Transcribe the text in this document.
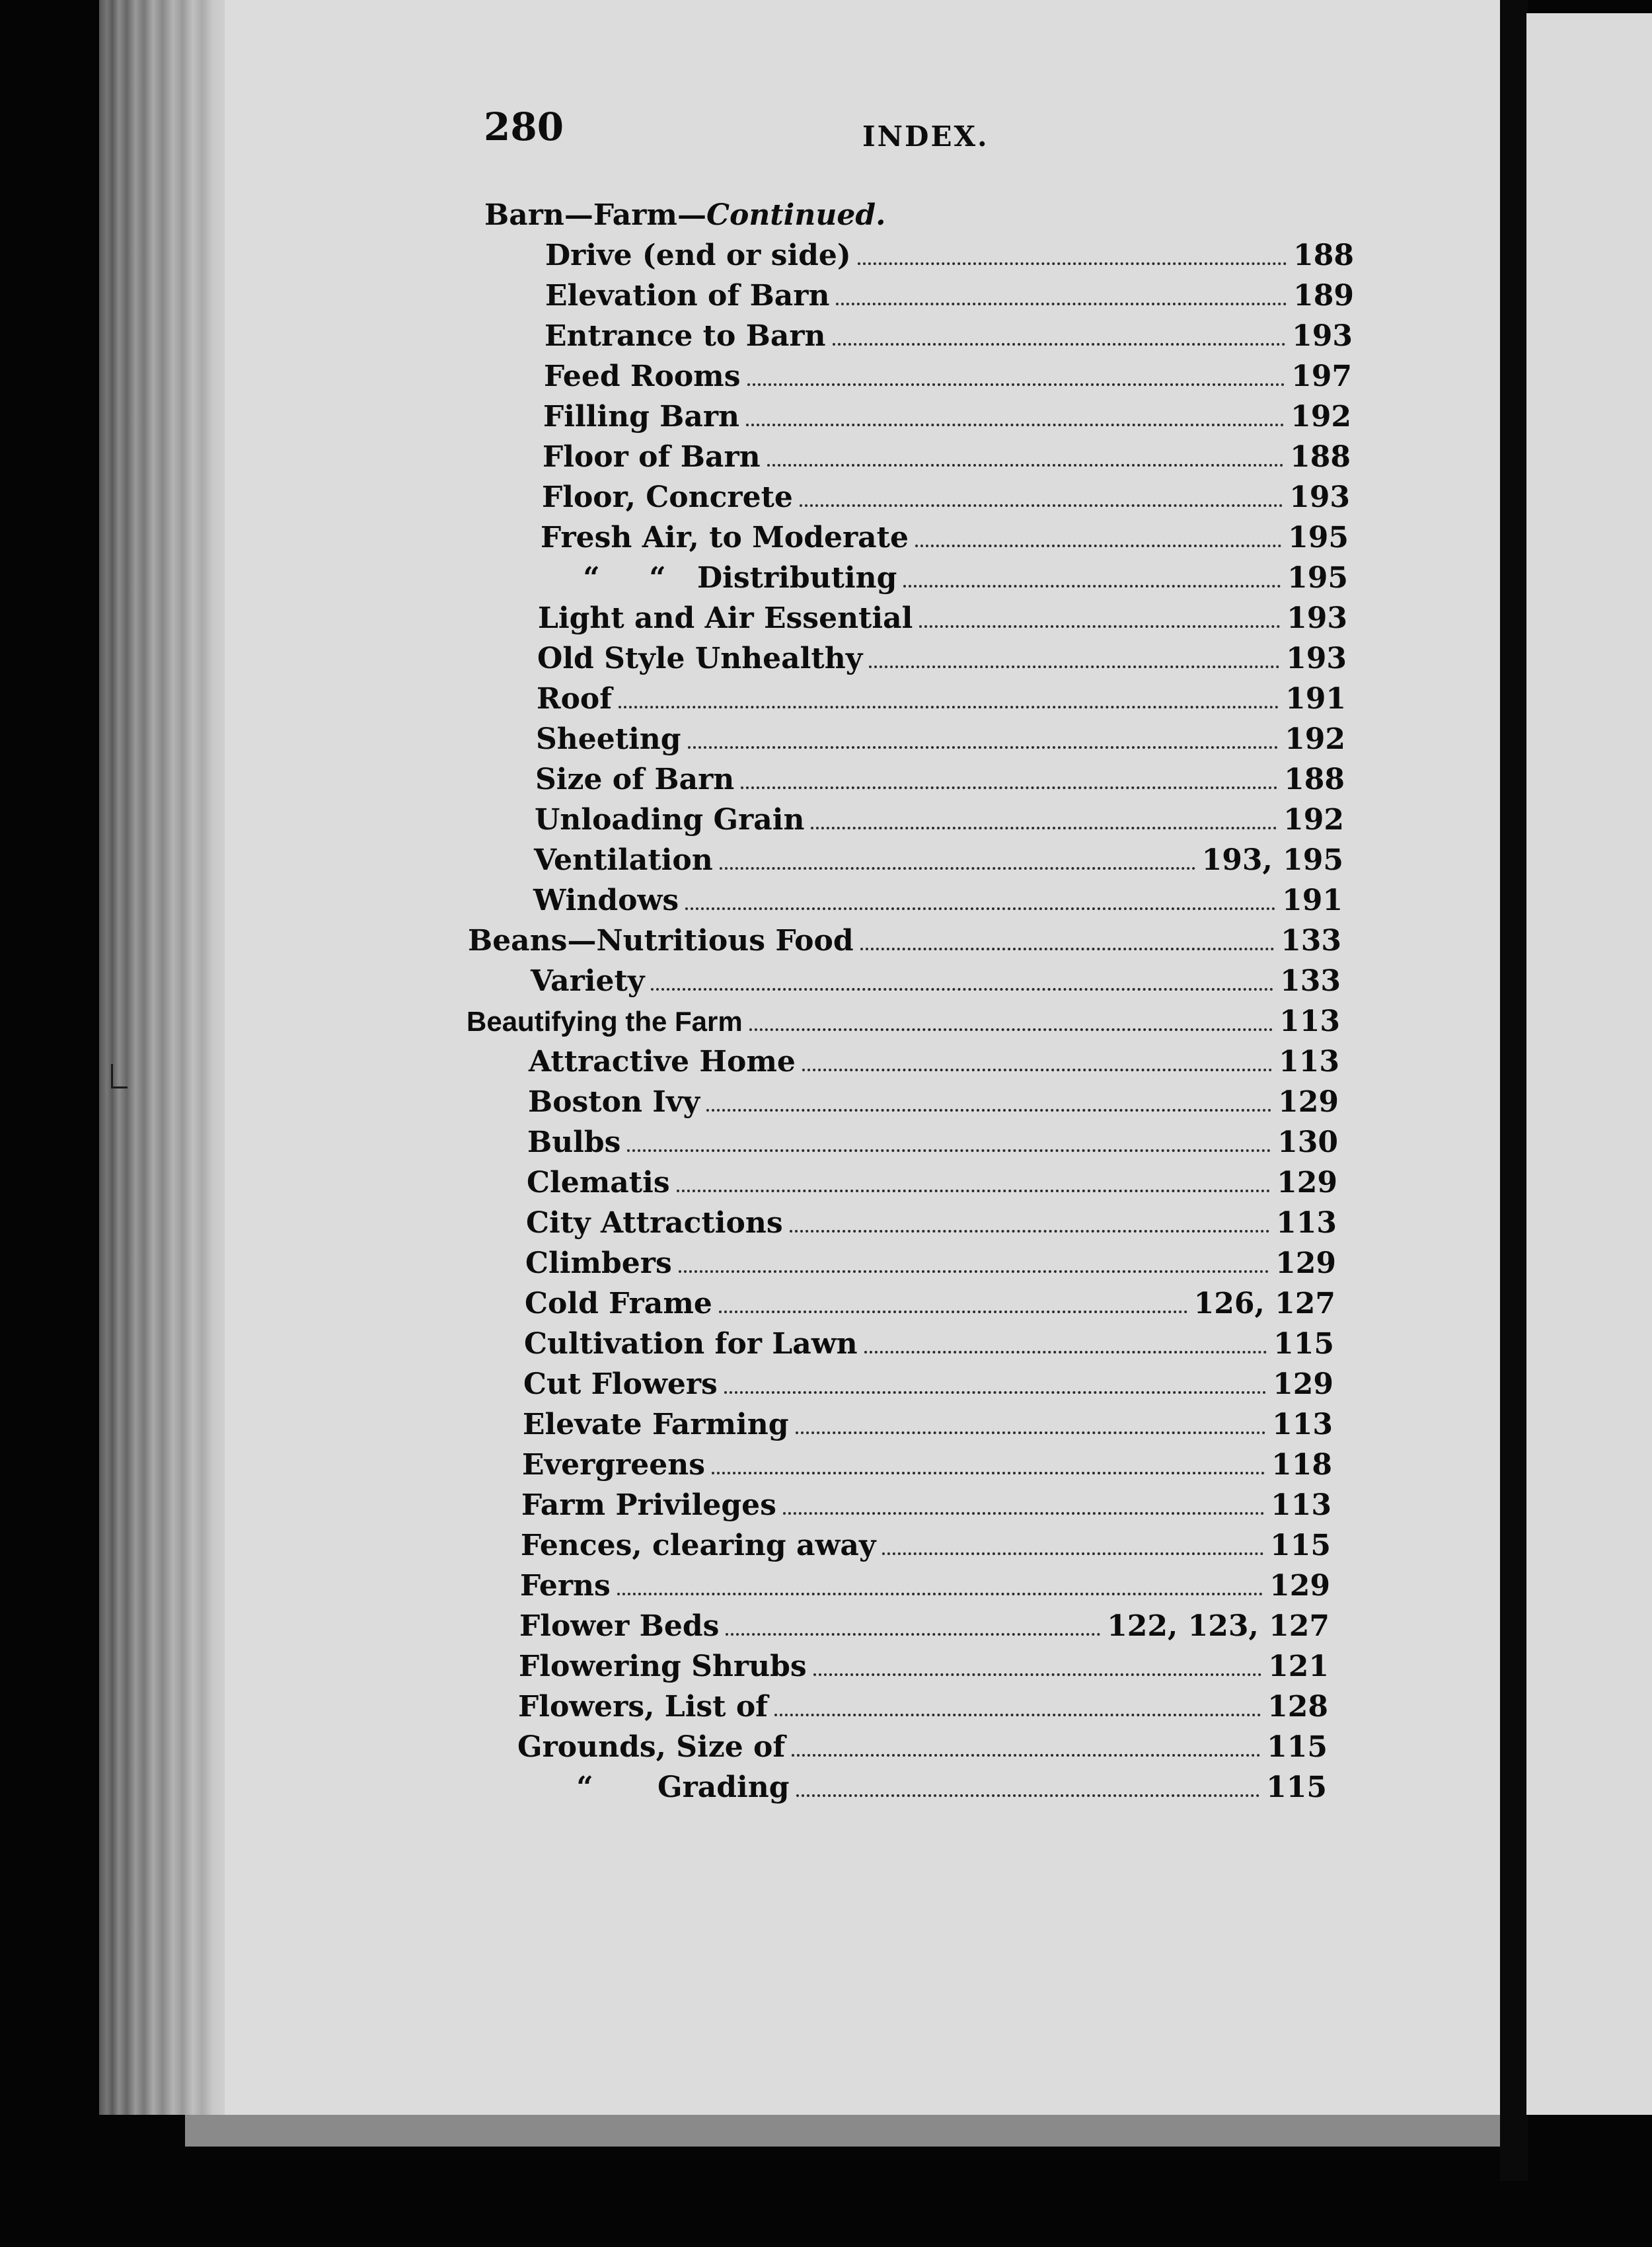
280	INDEX.
Barn—Farm— Continued.
Drive (end or side)	188
Elevation of Barn	189
Entrance to Barn	193
Feed Rooms	197
Filling Barn	192
Floor of Barn	188
Floor, Concrete	193
Fresh Air, to Moderate	195
“	“	Distributing	195
Light and Air Essential	193
Old Style Unhealthy	193
Roof	191
Sheeting	192
Size of Barn	188
Unloading Grain	192
Ventilation	193, 195
Windows	191
Beans—Nutritious Food	133
Variety	133
Beautifying the Farm	113
Attractive Home	113
Boston Ivy	129
Bulbs	130
Clematis	129
City Attractions	113
Climbers	129
Cold Frame	126, 127
Cultivation for Lawn	115
Cut Flowers	129
Elevate Farming	113
Evergreens	118
Farm Privileges	113
Fences, clearing away	115
Ferns	129
Flower Beds	122, 123, 127
Flowering Shrubs	121
Flowers, List of	128
Grounds, Size of	115
“	Grading	115
